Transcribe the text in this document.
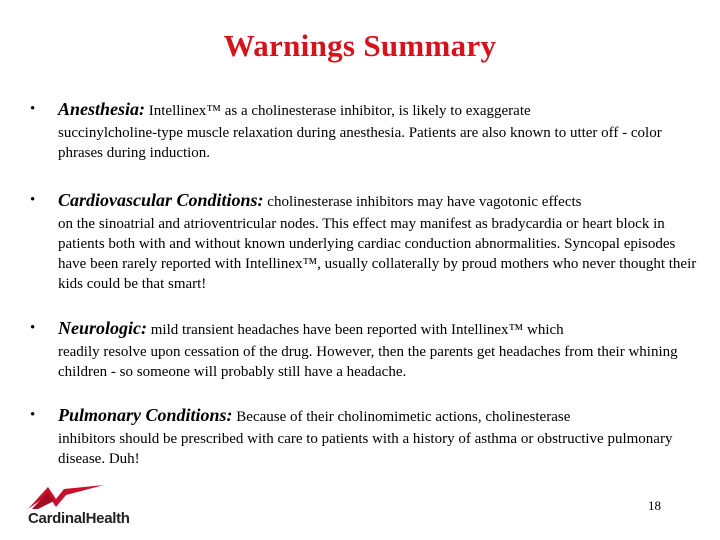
Warnings Summary
• Anesthesia: Intellinex™ as a cholinesterase inhibitor, is likely to exaggerate
succinylcholine-type muscle relaxation during anesthesia. Patients are also known to utter off - color phrases during induction.
• Cardiovascular Conditions: cholinesterase inhibitors may have vagotonic effects
on the sinoatrial and atrioventricular nodes. This effect may manifest as bradycardia or heart block in patients both with and without known underlying cardiac conduction abnormalities. Syncopal episodes have been rarely reported with Intellinex™, usually collaterally by proud mothers who never thought their kids could be that smart!
• Neurologic: mild transient headaches have been reported with Intellinex™ which
readily resolve upon cessation of the drug. However, then the parents get headaches from their whining children - so someone will probably still have a headache.
• Pulmonary Conditions: Because of their cholinomimetic actions, cholinesterase
inhibitors should be prescribed with care to patients with a history of asthma or obstructive pulmonary disease. Duh!
CardinalHealth
18
